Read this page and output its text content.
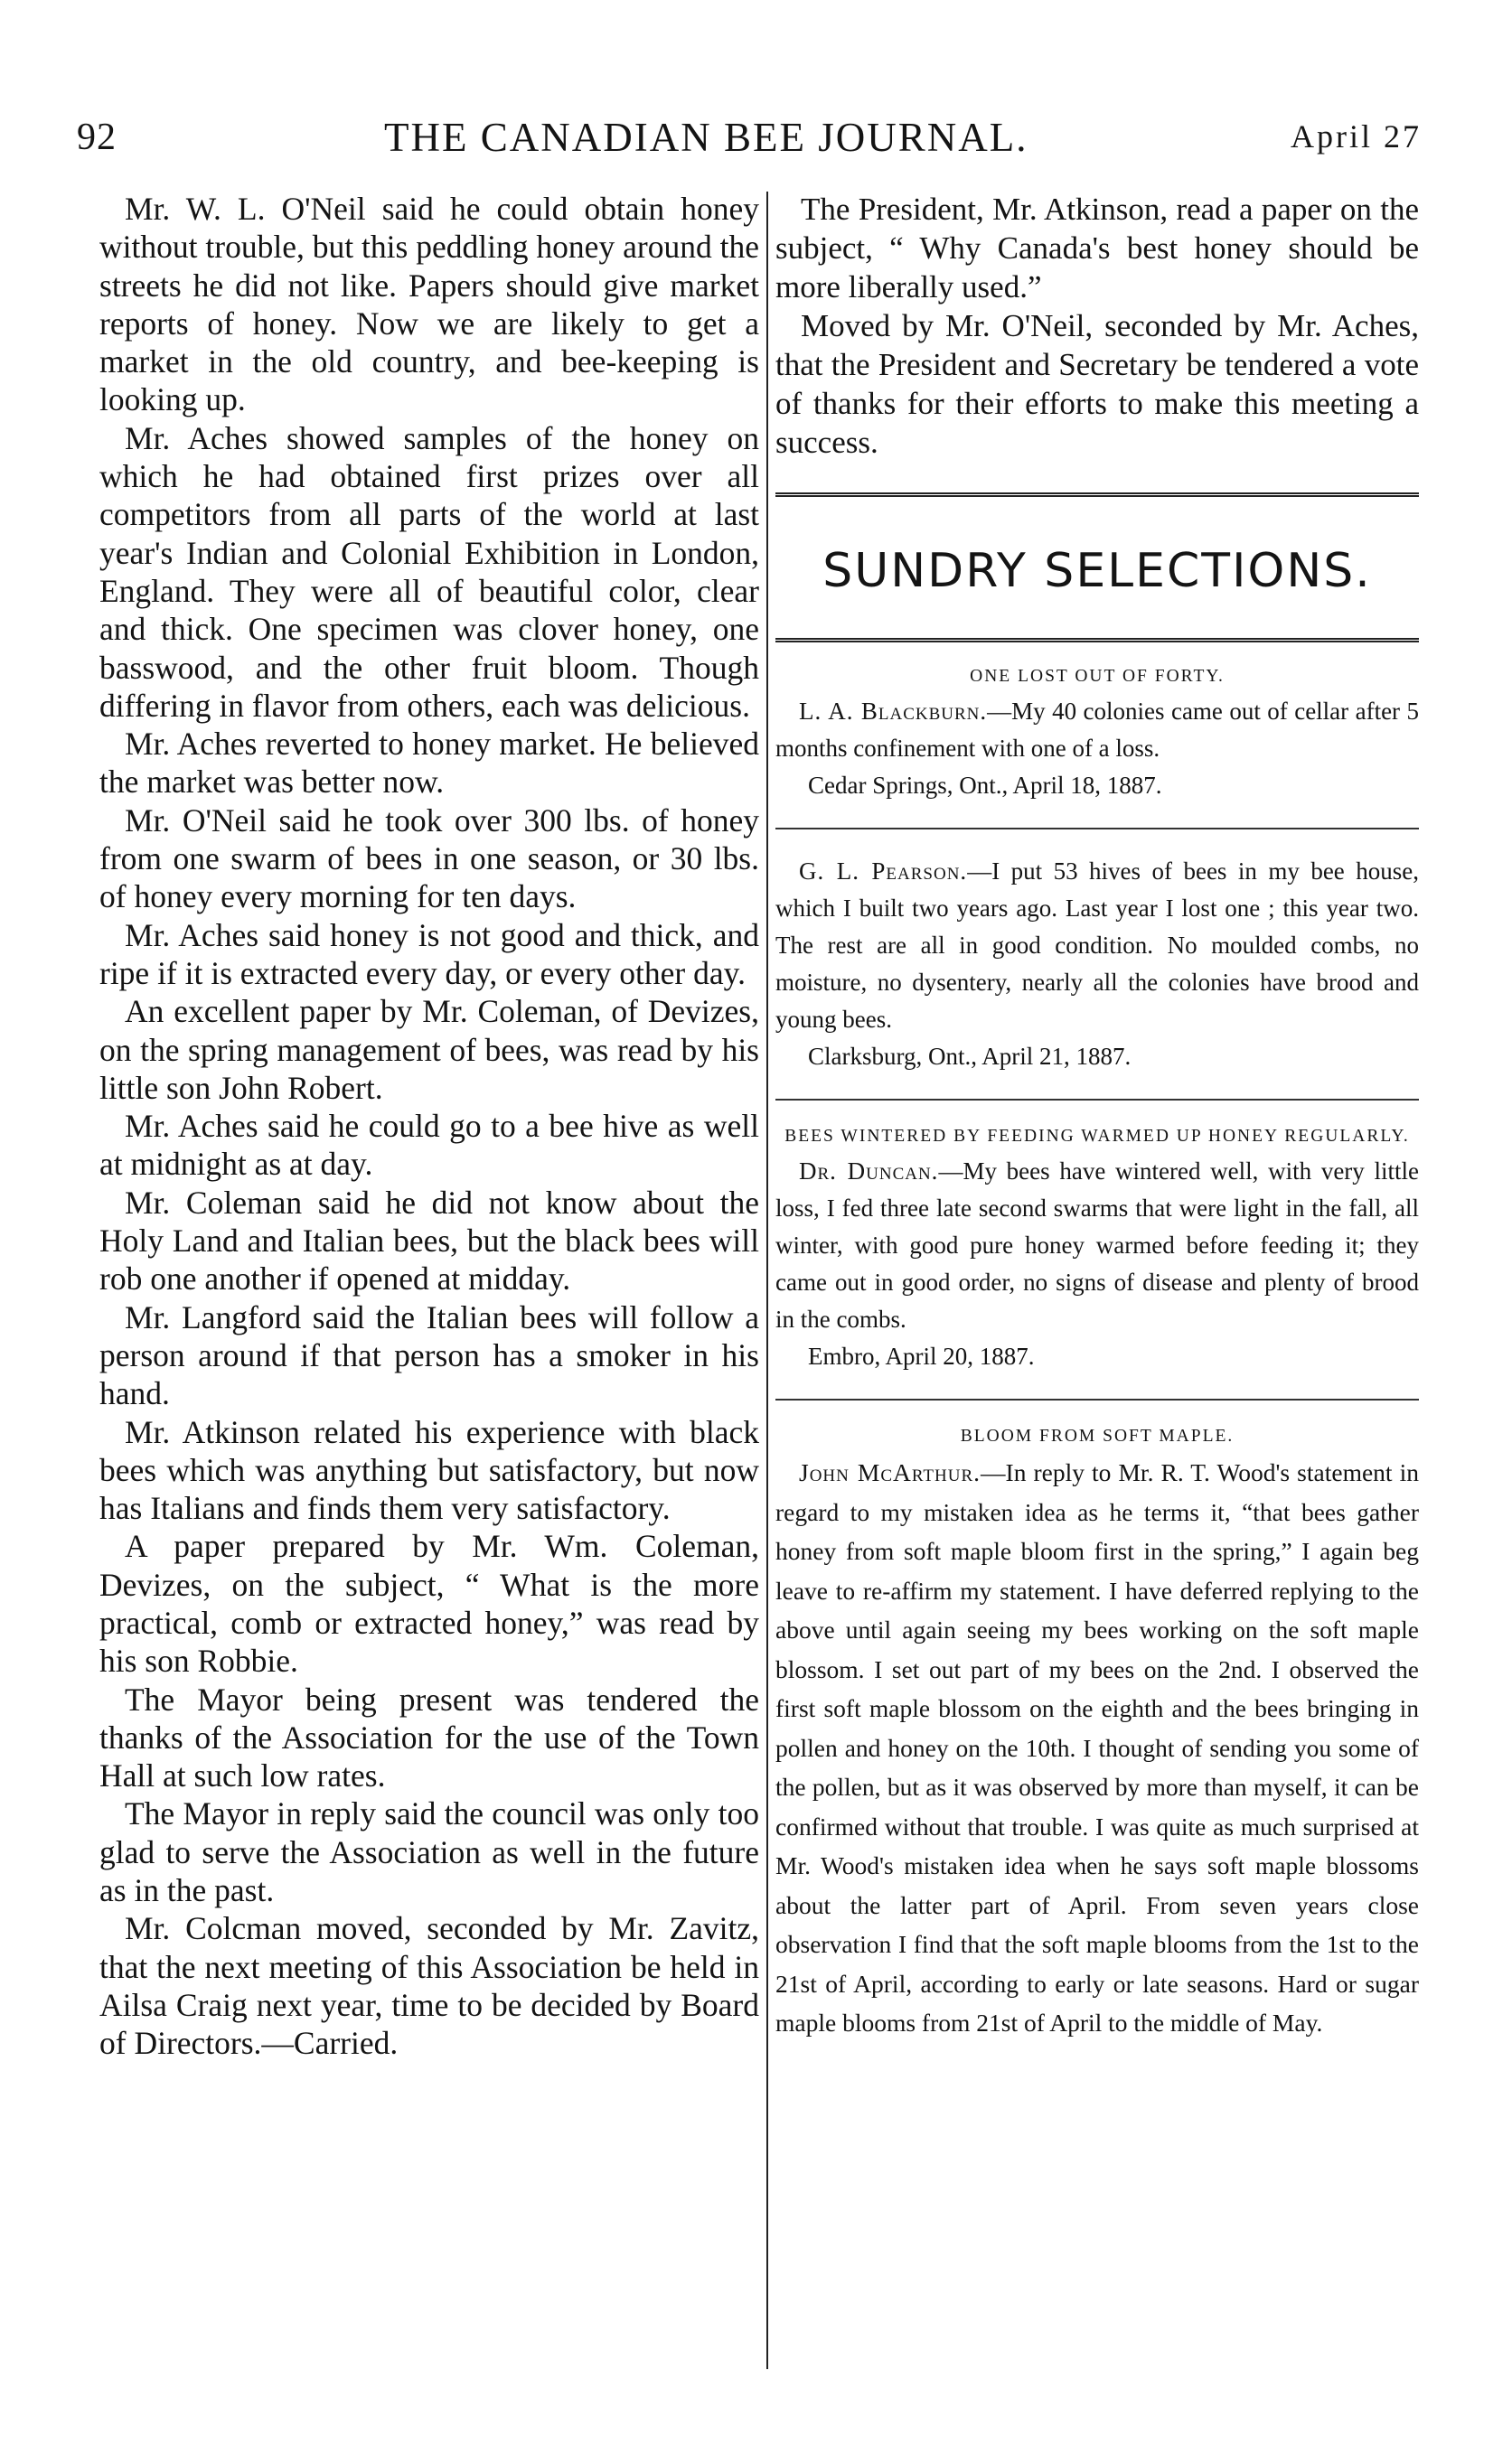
92	THE CANADIAN BEE JOURNAL.	April 27

Mr. W. L. O'Neil said he could obtain honey without trouble, but this peddling honey around the streets he did not like. Papers should give market reports of honey. Now we are likely to get a market in the old country, and bee-keeping is looking up.

Mr. Aches showed samples of the honey on which he had obtained first prizes over all competitors from all parts of the world at last year's Indian and Colonial Exhibition in London, England. They were all of beautiful color, clear and thick. One specimen was clover honey, one basswood, and the other fruit bloom. Though differing in flavor from others, each was delicious.

Mr. Aches reverted to honey market. He believed the market was better now.

Mr. O'Neil said he took over 300 lbs. of honey from one swarm of bees in one season, or 30 lbs. of honey every morning for ten days.

Mr. Aches said honey is not good and thick, and ripe if it is extracted every day, or every other day.

An excellent paper by Mr. Coleman, of Devizes, on the spring management of bees, was read by his little son John Robert.

Mr. Aches said he could go to a bee hive as well at midnight as at day.

Mr. Coleman said he did not know about the Holy Land and Italian bees, but the black bees will rob one another if opened at midday.

Mr. Langford said the Italian bees will follow a person around if that person has a smoker in his hand.

Mr. Atkinson related his experience with black bees which was anything but satisfactory, but now has Italians and finds them very satisfactory.

A paper prepared by Mr. Wm. Coleman, Devizes, on the subject, “ What is the more practical, comb or extracted honey,” was read by his son Robbie.

The Mayor being present was tendered the thanks of the Association for the use of the Town Hall at such low rates.

The Mayor in reply said the council was only too glad to serve the Association as well in the future as in the past.

Mr. Colcman moved, seconded by Mr. Zavitz, that the next meeting of this Association be held in Ailsa Craig next year, time to be decided by Board of Directors.—Carried.

The President, Mr. Atkinson, read a paper on the subject, “ Why Canada's best honey should be more liberally used.”

Moved by Mr. O'Neil, seconded by Mr. Aches, that the President and Secretary be tendered a vote of thanks for their efforts to make this meeting a success.

SUNDRY SELECTIONS.
ONE LOST OUT OF FORTY.

L. A. Blackburn.—My 40 colonies came out of cellar after 5 months confinement with one of a loss.

Cedar Springs, Ont., April 18, 1887.

G. L. Pearson.—I put 53 hives of bees in my bee house, which I built two years ago. Last year I lost one ; this year two. The rest are all in good condition. No moulded combs, no moisture, no dysentery, nearly all the colonies have brood and young bees.

Clarksburg, Ont., April 21, 1887.

BEES WINTERED BY FEEDING WARMED UP HONEY REGULARLY.

Dr. Duncan.—My bees have wintered well, with very little loss, I fed three late second swarms that were light in the fall, all winter, with good pure honey warmed before feeding it; they came out in good order, no signs of disease and plenty of brood in the combs.

Embro, April 20, 1887.

BLOOM FROM SOFT MAPLE.

John McArthur.—In reply to Mr. R. T. Wood's statement in regard to my mistaken idea as he terms it, “that bees gather honey from soft maple bloom first in the spring,” I again beg leave to re-affirm my statement. I have deferred replying to the above until again seeing my bees working on the soft maple blossom. I set out part of my bees on the 2nd. I observed the first soft maple blossom on the eighth and the bees bringing in pollen and honey on the 10th. I thought of sending you some of the pollen, but as it was observed by more than myself, it can be confirmed without that trouble. I was quite as much surprised at Mr. Wood's mistaken idea when he says soft maple blossoms about the latter part of April. From seven years close observation I find that the soft maple blooms from the 1st to the 21st of April, according to early or late seasons. Hard or sugar maple blooms from 21st of April to the middle of May.
